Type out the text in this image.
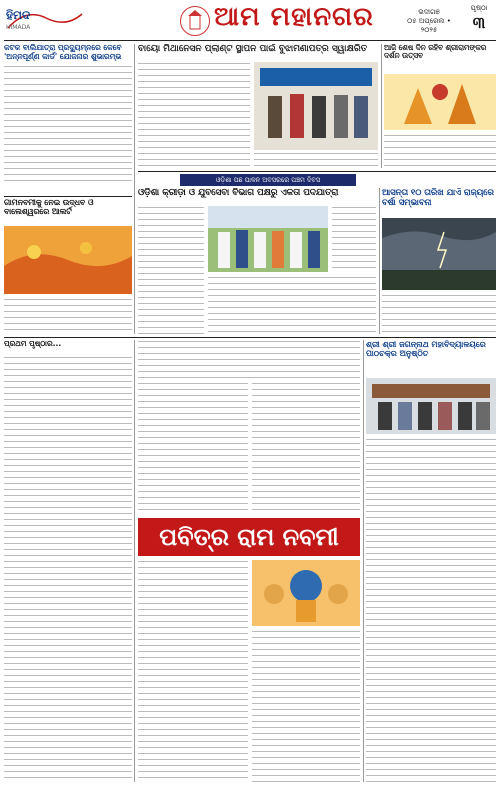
ହିମଦ
HIMADA	ଆମ ମହାନଗର	ଭଦୀଗଞ
୦୫ ଅପ୍ରେଲ • ୨୦୨୫
ପୃଷ୍ଠା
୩
କଟକ ବାଲିଯାତ୍ରା ପ୍ରଦ୍ୟୁମ୍ନରେ କେବେ 'ଅନ୍ନପୂର୍ଣ୍ଣ କାର୍ଡ' ଯୋଜନାର ଶୁଭାରମ୍ଭ
ଗାମନବମୀକୁ ନେଇ ଉଦ୍ଧବ ଓ ବାଲେଶ୍ୱରରେ ଆଲର୍ଟ
ବାୟୋ ମିଥାନେସନ ପ୍ଲାଣ୍ଟ ସ୍ଥାପନ ପାଇଁ ବୁଝାମଣାପତ୍ର ସ୍ୱାକ୍ଷରିତ	ଆଜି ଶେଷ ଦିନ ରହିବ ଶ୍ରୀରାମଙ୍କର ଦର୍ଶନ ଉତ୍ସବ
ଓଡ଼ିଶା ପଛ ପାଳନ ଅବସରରେ ପଞ୍ଚମ ଦିବସ
ଓଡ଼ିଶା କ୍ରୀଡ଼ା ଓ ଯୁବସେବା ବିଭାଗ ପକ୍ଷରୁ ଏକତା ପଦଯାତ୍ରା	ଆସନ୍ତା ୧୦ ତାରିଖ ଯାଏଁ ରାଜ୍ୟରେ ବର୍ଷା ସମ୍ଭାବନା
ପ୍ରଥମ ପୃଷ୍ଠାର...
ପବିତ୍ର ରାମ ନବମୀ
ଶ୍ରୀ ଶ୍ରୀ ଜଗନ୍ନାଥ ମହାବିଦ୍ୟାଳୟରେ ପାଠଚକ୍ର ଅନୁଷ୍ଠିତ
